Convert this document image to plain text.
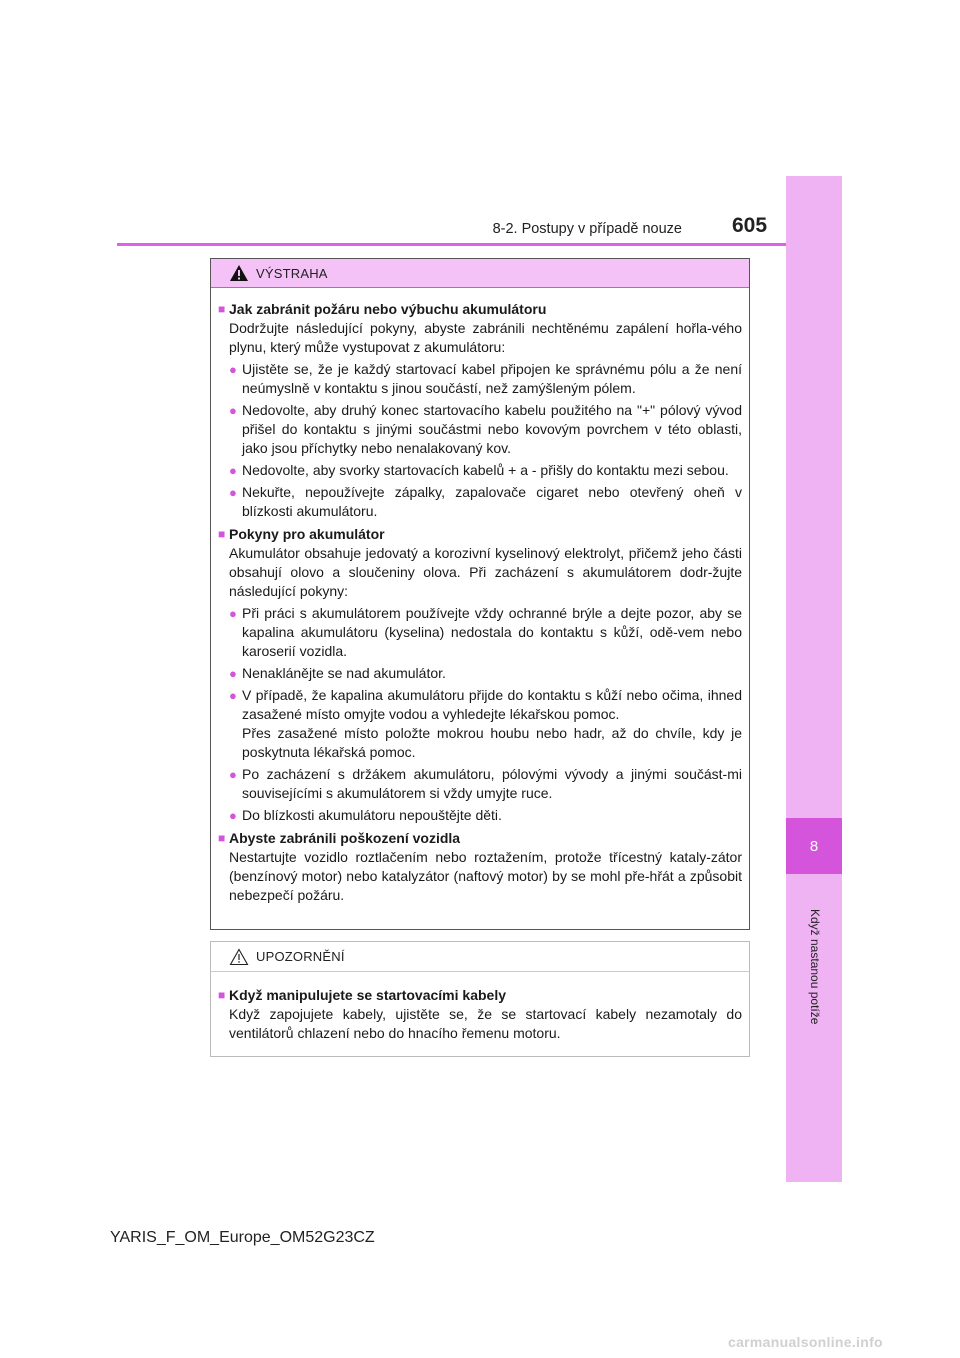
8-2. Postupy v případě nouze 605
8
Když nastanou potíže
VÝSTRAHA
■ Jak zabránit požáru nebo výbuchu akumulátoru
Dodržujte následující pokyny, abyste zabránili nechtěnému zapálení hořla-vého plynu, který může vystupovat z akumulátoru:
● Ujistěte se, že je každý startovací kabel připojen ke správnému pólu a že není neúmyslně v kontaktu s jinou součástí, než zamýšleným pólem.
● Nedovolte, aby druhý konec startovacího kabelu použitého na "+" pólový vývod přišel do kontaktu s jinými součástmi nebo kovovým povrchem v této oblasti, jako jsou příchytky nebo nenalakovaný kov.
● Nedovolte, aby svorky startovacích kabelů + a - přišly do kontaktu mezi sebou.
● Nekuřte, nepoužívejte zápalky, zapalovače cigaret nebo otevřený oheň v blízkosti akumulátoru.
■ Pokyny pro akumulátor
Akumulátor obsahuje jedovatý a korozivní kyselinový elektrolyt, přičemž jeho části obsahují olovo a sloučeniny olova. Při zacházení s akumulátorem dodr-žujte následující pokyny:
● Při práci s akumulátorem používejte vždy ochranné brýle a dejte pozor, aby se kapalina akumulátoru (kyselina) nedostala do kontaktu s kůží, odě-vem nebo karoserií vozidla.
● Nenaklánějte se nad akumulátor.
● V případě, že kapalina akumulátoru přijde do kontaktu s kůží nebo očima, ihned zasažené místo omyjte vodou a vyhledejte lékařskou pomoc.
Přes zasažené místo položte mokrou houbu nebo hadr, až do chvíle, kdy je poskytnuta lékařská pomoc.
● Po zacházení s držákem akumulátoru, pólovými vývody a jinými součást-mi souvisejícími s akumulátorem si vždy umyjte ruce.
● Do blízkosti akumulátoru nepouštějte děti.
■ Abyste zabránili poškození vozidla
Nestartujte vozidlo roztlačením nebo roztažením, protože třícestný kataly-zátor (benzínový motor) nebo katalyzátor (naftový motor) by se mohl pře-hřát a způsobit nebezpečí požáru.
UPOZORNĚNÍ
■ Když manipulujete se startovacími kabely
Když zapojujete kabely, ujistěte se, že se startovací kabely nezamotaly do ventilátorů chlazení nebo do hnacího řemenu motoru.
YARIS_F_OM_Europe_OM52G23CZ
carmanualsonline.info
